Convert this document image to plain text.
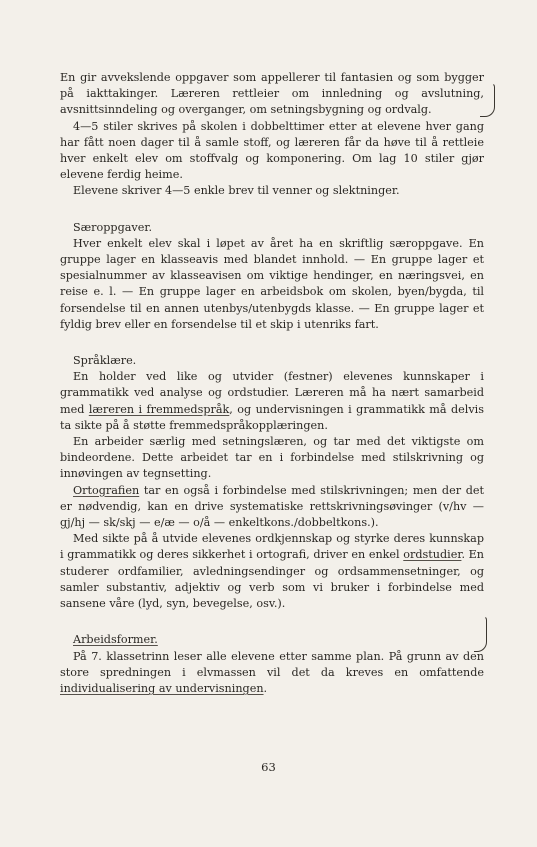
En gir avvekslende oppgaver som appellerer til fantasien og som bygger på iakttakinger. Læreren rettleier om innledning og avslutning, avsnittsinndeling og overganger, om setningsbygning og ordvalg.

4—5 stiler skrives på skolen i dobbelttimer etter at elevene hver gang har fått noen dager til å samle stoff, og læreren får da høve til å rettleie hver enkelt elev om stoffvalg og komponering. Om lag 10 stiler gjør elevene ferdig heime.

Elevene skriver 4—5 enkle brev til venner og slektninger.

Særoppgaver.

Hver enkelt elev skal i løpet av året ha en skriftlig særoppgave. En gruppe lager en klasseavis med blandet innhold. — En gruppe lager et spesialnummer av klasseavisen om viktige hendinger, en næringsvei, en reise e. l. — En gruppe lager en arbeidsbok om skolen, byen/bygda, til forsendelse til en annen utenbys/utenbygds klasse. — En gruppe lager et fyldig brev eller en forsendelse til et skip i utenriks fart.

Språklære.

En holder ved like og utvider (festner) elevenes kunnskaper i grammatikk ved analyse og ordstudier. Læreren må ha nært samarbeid med læreren i fremmedspråk, og undervisningen i grammatikk må delvis ta sikte på å støtte fremmedspråkopplæringen.

En arbeider særlig med setningslæren, og tar med det viktigste om bindeordene. Dette arbeidet tar en i forbindelse med stilskrivning og innøvingen av tegnsetting.

Ortografien tar en også i forbindelse med stilskrivningen; men der det er nødvendig, kan en drive systematiske rettskrivningsøvinger (v/hv — gj/hj — sk/skj — e/æ — o/å — enkeltkons./dobbeltkons.).

Med sikte på å utvide elevenes ordkjennskap og styrke deres kunnskap i grammatikk og deres sikkerhet i ortografi, driver en enkel ordstudier. En studerer ordfamilier, avledningsendinger og ordsammensetninger, og samler substantiv, adjektiv og verb som vi bruker i forbindelse med sansene våre (lyd, syn, bevegelse, osv.).

Arbeidsformer.

På 7. klassetrinn leser alle elevene etter samme plan. På grunn av den store spredningen i elvmassen vil det da kreves en omfattende individualisering av undervisningen.

63
